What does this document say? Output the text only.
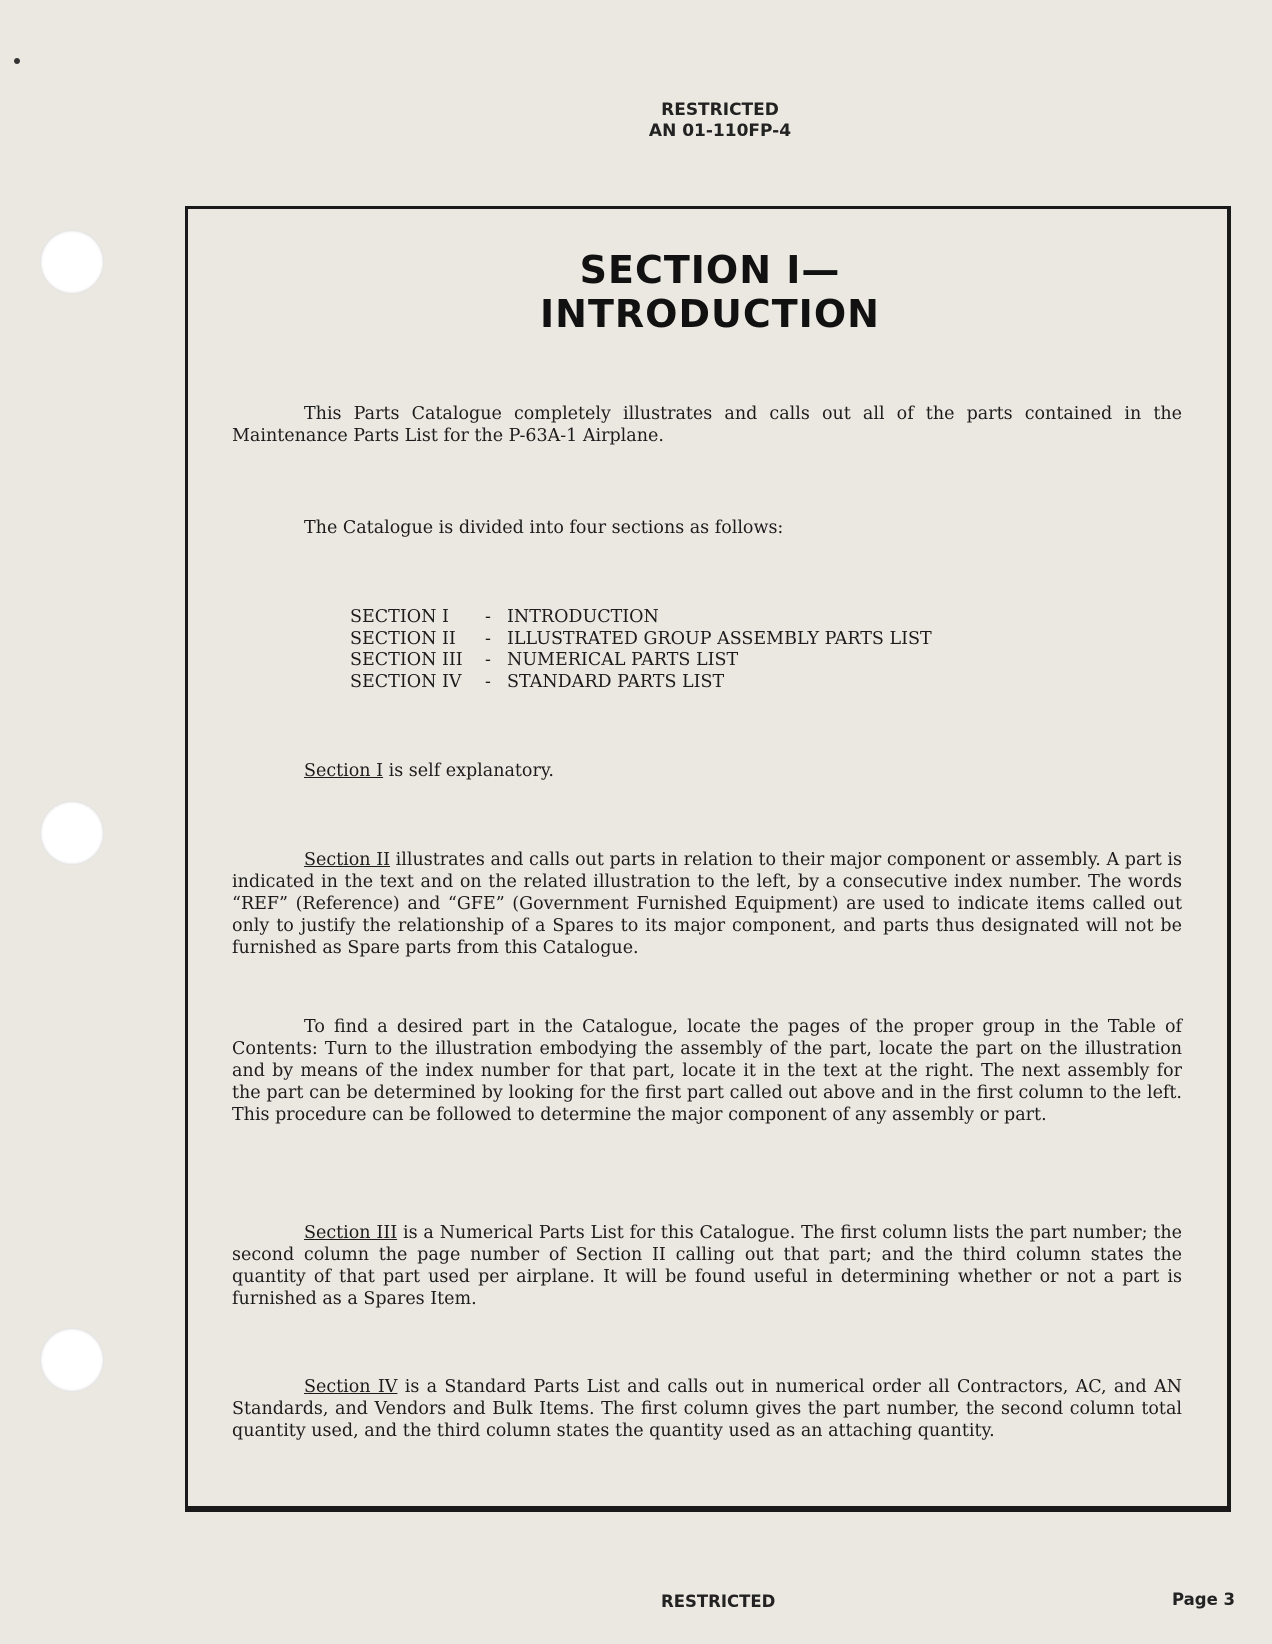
RESTRICTED
AN 01-110FP-4
SECTION I—INTRODUCTION
This Parts Catalogue completely illustrates and calls out all of the parts contained in the Maintenance Parts List for the P-63A-1 Airplane.
The Catalogue is divided into four sections as follows:
SECTION I	- INTRODUCTION
SECTION II	- ILLUSTRATED GROUP ASSEMBLY PARTS LIST
SECTION III	- NUMERICAL PARTS LIST
SECTION IV	- STANDARD PARTS LIST
Section I is self explanatory.
Section II illustrates and calls out parts in relation to their major component or assembly. A part is indicated in the text and on the related illustration to the left, by a consecutive index number. The words “REF” (Reference) and “GFE” (Government Furnished Equipment) are used to indicate items called out only to justify the relationship of a Spares to its major component, and parts thus designated will not be furnished as Spare parts from this Catalogue.
To find a desired part in the Catalogue, locate the pages of the proper group in the Table of Contents: Turn to the illustration embodying the assembly of the part, locate the part on the illustration and by means of the index number for that part, locate it in the text at the right. The next assembly for the part can be determined by looking for the first part called out above and in the first column to the left. This procedure can be followed to determine the major component of any assembly or part.
Section III is a Numerical Parts List for this Catalogue. The first column lists the part number; the second column the page number of Section II calling out that part; and the third column states the quantity of that part used per airplane. It will be found useful in determining whether or not a part is furnished as a Spares Item.
Section IV is a Standard Parts List and calls out in numerical order all Contractors, AC, and AN Standards, and Vendors and Bulk Items. The first column gives the part number, the second column total quantity used, and the third column states the quantity used as an attaching quantity.
RESTRICTED	Page 3
